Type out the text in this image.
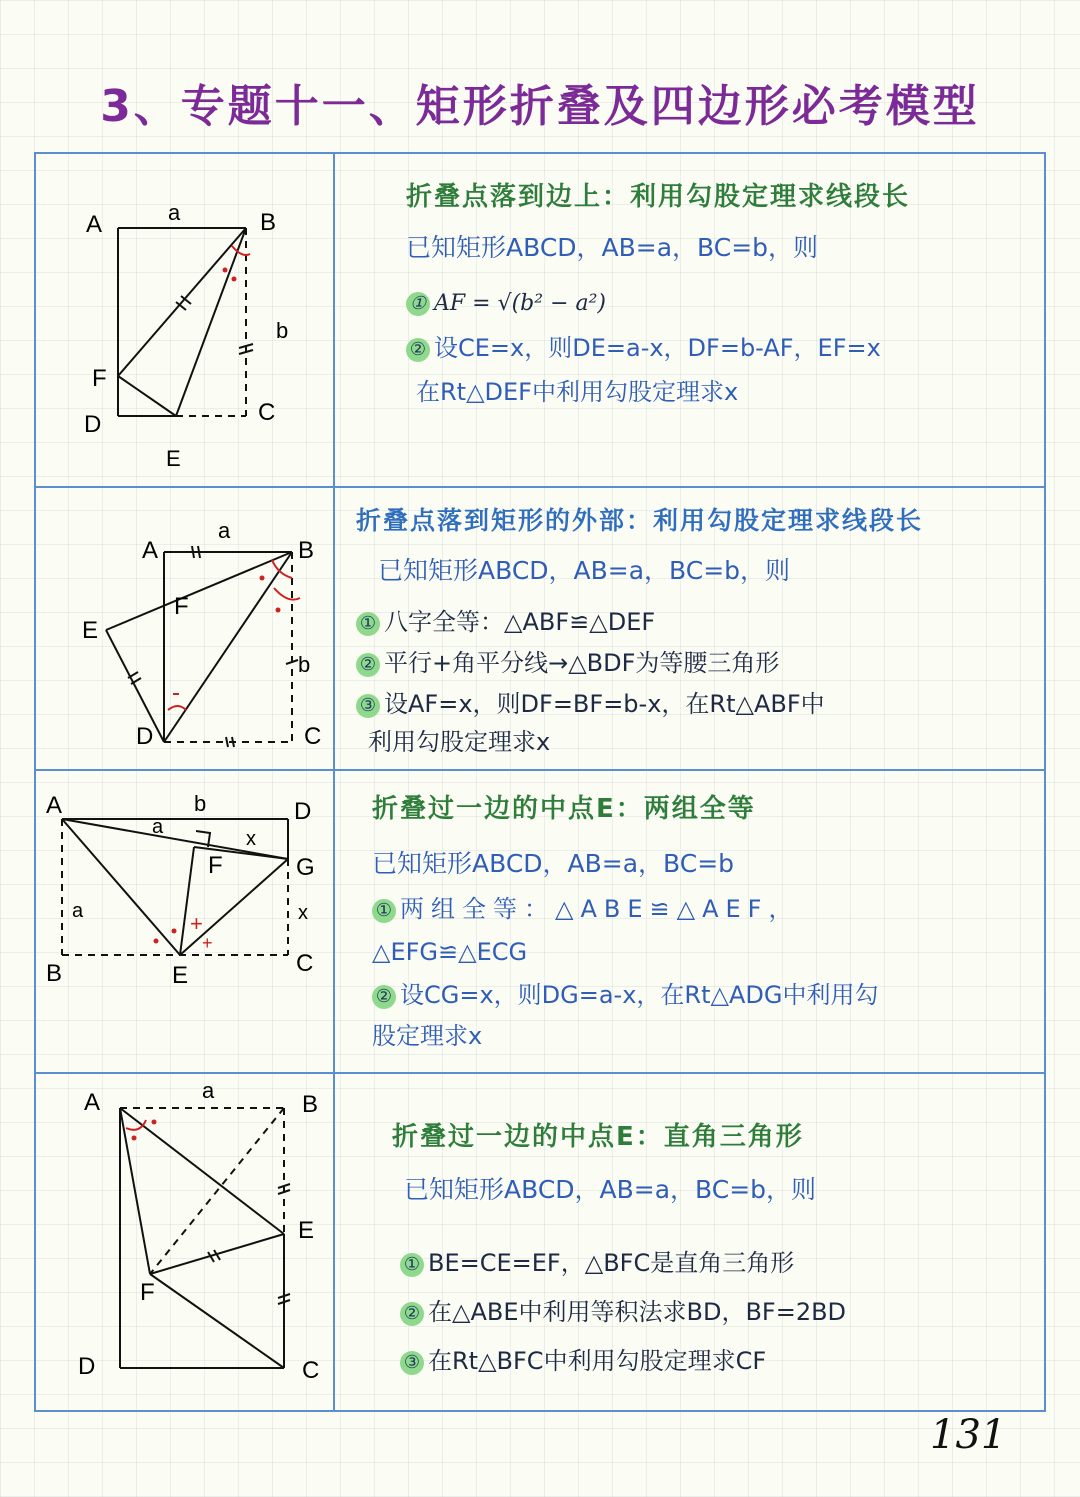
3、专题十一、矩形折叠及四边形必考模型
A	a	B
b
F
D	C
E
A
a
B
F
E
b
D	C
+
+
A	b	D
a
x
F	G
a	x
B	E	C
A	a
B
E
F
D	C
折叠点落到边上：利用勾股定理求线段长
已知矩形ABCD，AB=a，BC=b，则
① AF = √(b² − a²)
② 设CE=x，则DE=a-x，DF=b-AF，EF=x
在Rt△DEF中利用勾股定理求x
折叠点落到矩形的外部：利用勾股定理求线段长
已知矩形ABCD，AB=a，BC=b，则
① 八字全等：△ABF≌△DEF
② 平行+角平分线→△BDF为等腰三角形
③ 设AF=x，则DF=BF=b-x，在Rt△ABF中
利用勾股定理求x
折叠过一边的中点E：两组全等
已知矩形ABCD，AB=a，BC=b
① 两组全等：△ABE≌△AEF，
△EFG≌△ECG
② 设CG=x，则DG=a-x，在Rt△ADG中利用勾
股定理求x
折叠过一边的中点E：直角三角形
已知矩形ABCD，AB=a，BC=b，则
① BE=CE=EF，△BFC是直角三角形
② 在△ABE中利用等积法求BD，BF=2BD
③ 在Rt△BFC中利用勾股定理求CF
131
